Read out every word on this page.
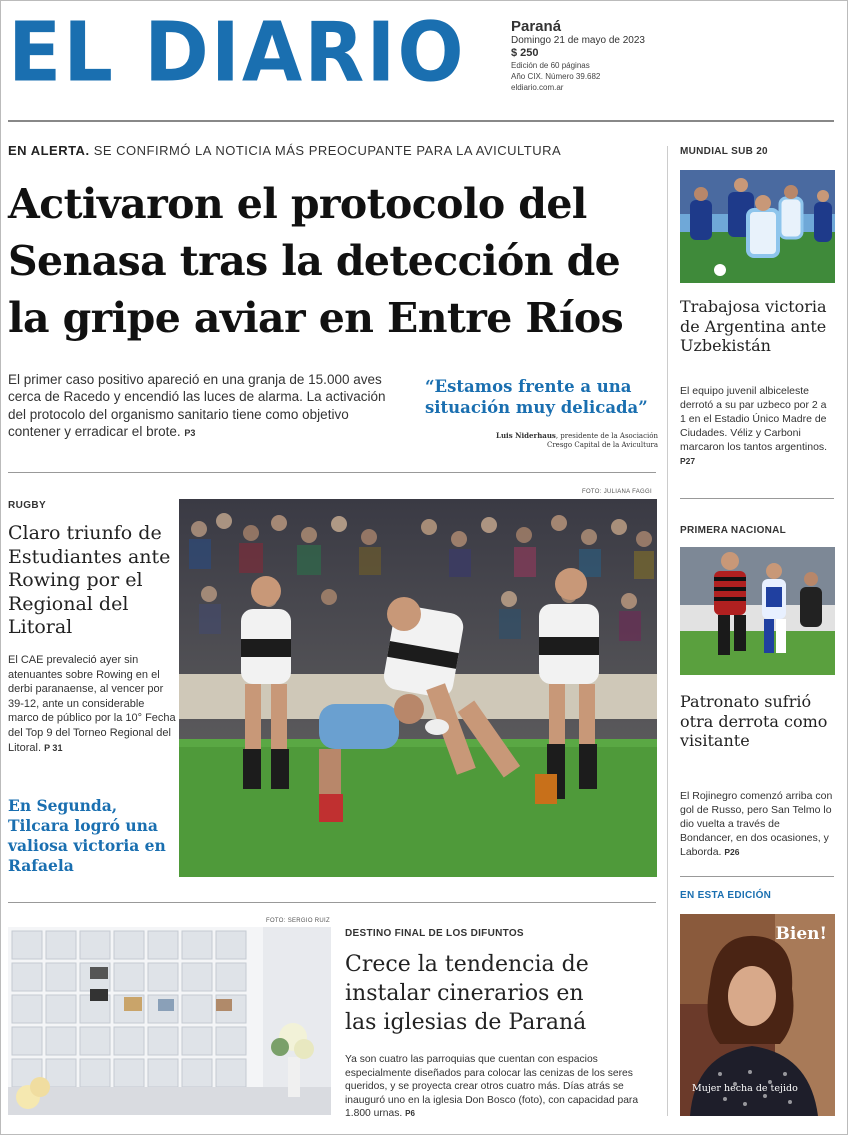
EL DIARIO	Paraná
Domingo 21 de mayo de 2023
$ 250
Edición de 60 páginas
Año CIX. Número 39.682
eldiario.com.ar
EN ALERTA. SE CONFIRMÓ LA NOTICIA MÁS PREOCUPANTE PARA LA AVICULTURA
Activaron el protocolo del
Senasa tras la detección de
la gripe aviar en Entre Ríos
El primer caso positivo apareció en una granja de 15.000 aves cerca de Racedo y encendió las luces de alarma. La activación del protocolo del organismo sanitario tiene como objetivo contener y erradicar el brote. P3
“Estamos frente a una situación muy delicada”
Luis Niderhaus, presidente de la Asociación Cresgo Capital de la Avicultura
RUGBY
Claro triunfo de Estudiantes ante Rowing por el Regional del Litoral
El CAE prevaleció ayer sin atenuantes sobre Rowing en el derbi paranaense, al vencer por 39-12, ante un considerable marco de público por la 10° Fecha del Top 9 del Torneo Regional del Litoral. P 31
En Segunda, Tilcara logró una valiosa victoria en Rafaela
FOTO: JULIANA FAGGI
FOTO: SERGIO RUIZ
DESTINO FINAL DE LOS DIFUNTOS
Crece la tendencia de
instalar cinerarios en
las iglesias de Paraná
Ya son cuatro las parroquias que cuentan con espacios especialmente diseñados para colocar las cenizas de los seres queridos, y se proyecta crear otros cuatro más. Días atrás se inauguró uno en la iglesia Don Bosco (foto), con capacidad para 1.800 urnas. P6
MUNDIAL SUB 20
Trabajosa victoria de Argentina ante Uzbekistán
El equipo juvenil albiceleste derrotó a su par uzbeco por 2 a 1 en el Estadio Único Madre de Ciudades. Véliz y Carboni marcaron los tantos argentinos. P27
PRIMERA NACIONAL
Patronato sufrió otra derrota como visitante
El Rojinegro comenzó arriba con gol de Russo, pero San Telmo lo dio vuelta a través de Bondancer, en dos ocasiones, y Laborda. P26
EN ESTA EDICIÓN
Bien!
Mujer hecha de tejido
